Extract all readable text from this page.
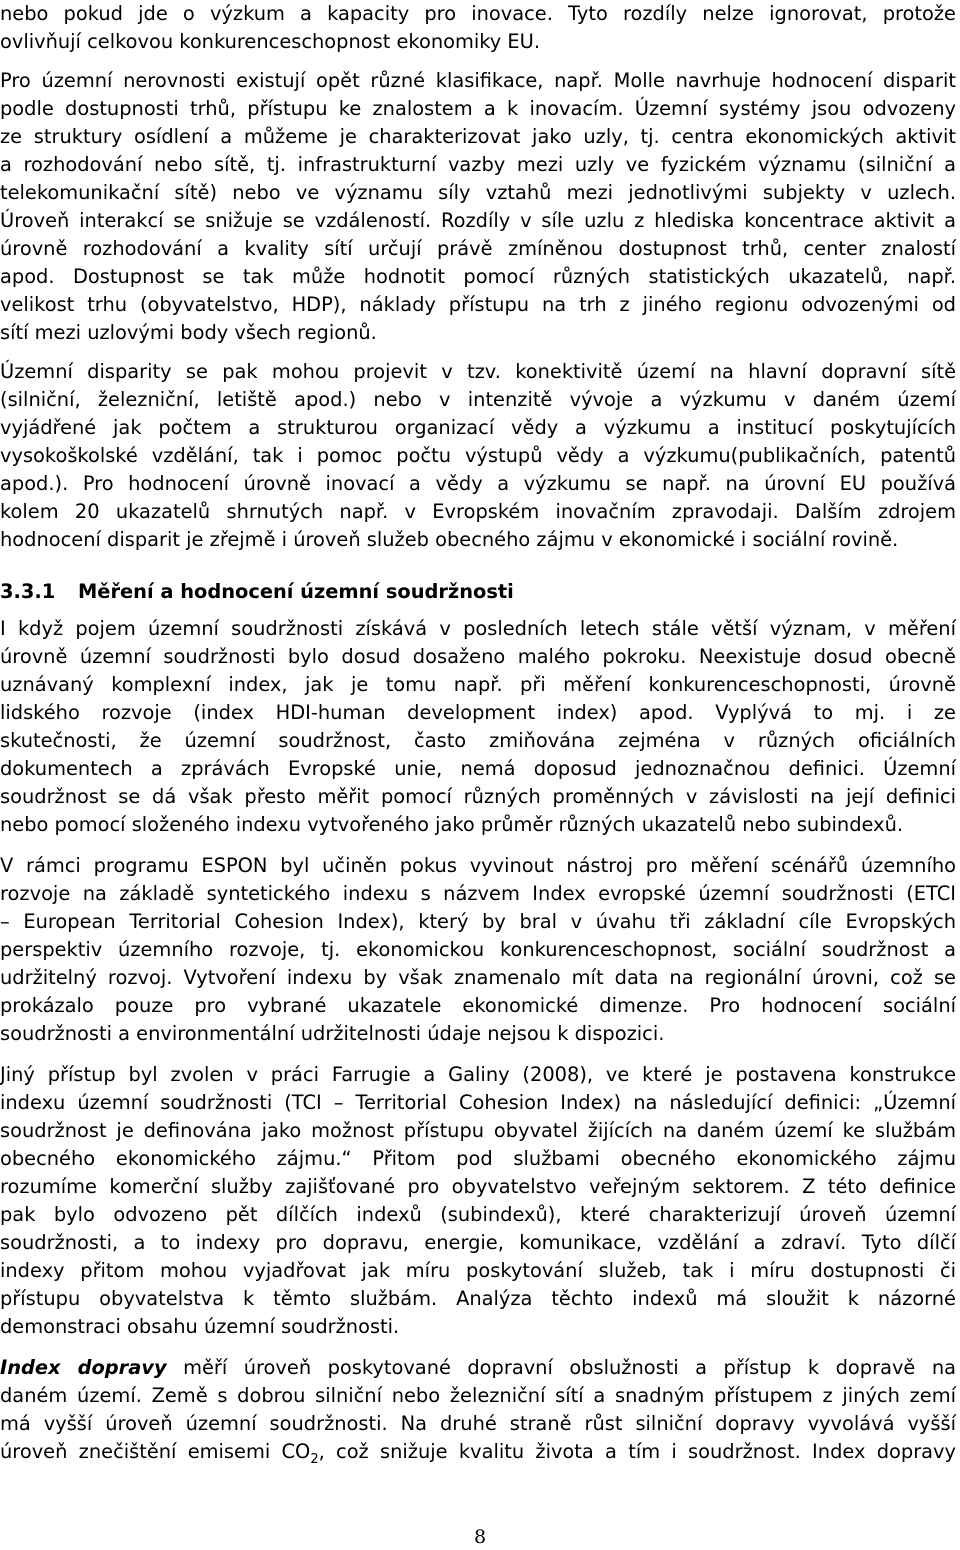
nebo pokud jde o výzkum a kapacity pro inovace. Tyto rozdíly nelze ignorovat, protože
ovlivňují celkovou konkurenceschopnost ekonomiky EU.
Pro územní nerovnosti existují opět různé klasifikace, např. Molle navrhuje hodnocení disparit
podle dostupnosti trhů, přístupu ke znalostem a k inovacím. Územní systémy jsou odvozeny
ze struktury osídlení a můžeme je charakterizovat jako uzly, tj. centra ekonomických aktivit
a rozhodování nebo sítě, tj. infrastrukturní vazby mezi uzly ve fyzickém významu (silniční a
telekomunikační sítě) nebo ve významu síly vztahů mezi jednotlivými subjekty v uzlech.
Úroveň interakcí se snižuje se vzdáleností. Rozdíly v síle uzlu z hlediska koncentrace aktivit a
úrovně rozhodování a kvality sítí určují právě zmíněnou dostupnost trhů, center znalostí
apod. Dostupnost se tak může hodnotit pomocí různých statistických ukazatelů, např.
velikost trhu (obyvatelstvo, HDP), náklady přístupu na trh z jiného regionu odvozenými od
sítí mezi uzlovými body všech regionů.
Územní disparity se pak mohou projevit v tzv. konektivitě území na hlavní dopravní sítě
(silniční, železniční, letiště apod.) nebo v intenzitě vývoje a výzkumu v daném území
vyjádřené jak počtem a strukturou organizací vědy a výzkumu a institucí poskytujících
vysokoškolské vzdělání, tak i pomoc počtu výstupů vědy a výzkumu(publikačních, patentů
apod.). Pro hodnocení úrovně inovací a vědy a výzkumu se např. na úrovní EU používá
kolem 20 ukazatelů shrnutých např. v Evropském inovačním zpravodaji. Dalším zdrojem
hodnocení disparit je zřejmě i úroveň služeb obecného zájmu v ekonomické i sociální rovině.
3.3.1 Měření a hodnocení územní soudržnosti
I když pojem územní soudržnosti získává v posledních letech stále větší význam, v měření
úrovně územní soudržnosti bylo dosud dosaženo malého pokroku. Neexistuje dosud obecně
uznávaný komplexní index, jak je tomu např. při měření konkurenceschopnosti, úrovně
lidského rozvoje (index HDI-human development index) apod. Vyplývá to mj. i ze
skutečnosti, že územní soudržnost, často zmiňována zejména v různých oficiálních
dokumentech a zprávách Evropské unie, nemá doposud jednoznačnou definici. Územní
soudržnost se dá však přesto měřit pomocí různých proměnných v závislosti na její definici
nebo pomocí složeného indexu vytvořeného jako průměr různých ukazatelů nebo subindexů.
V rámci programu ESPON byl učiněn pokus vyvinout nástroj pro měření scénářů územního
rozvoje na základě syntetického indexu s názvem Index evropské územní soudržnosti (ETCI
– European Territorial Cohesion Index), který by bral v úvahu tři základní cíle Evropských
perspektiv územního rozvoje, tj. ekonomickou konkurenceschopnost, sociální soudržnost a
udržitelný rozvoj. Vytvoření indexu by však znamenalo mít data na regionální úrovni, což se
prokázalo pouze pro vybrané ukazatele ekonomické dimenze. Pro hodnocení sociální
soudržnosti a environmentální udržitelnosti údaje nejsou k dispozici.
Jiný přístup byl zvolen v práci Farrugie a Galiny (2008), ve které je postavena konstrukce
indexu územní soudržnosti (TCI – Territorial Cohesion Index) na následující definici: „Územní
soudržnost je definována jako možnost přístupu obyvatel žijících na daném území ke službám
obecného ekonomického zájmu.“ Přitom pod službami obecného ekonomického zájmu
rozumíme komerční služby zajišťované pro obyvatelstvo veřejným sektorem. Z této definice
pak bylo odvozeno pět dílčích indexů (subindexů), které charakterizují úroveň územní
soudržnosti, a to indexy pro dopravu, energie, komunikace, vzdělání a zdraví. Tyto dílčí
indexy přitom mohou vyjadřovat jak míru poskytování služeb, tak i míru dostupnosti či
přístupu obyvatelstva k těmto službám. Analýza těchto indexů má sloužit k názorné
demonstraci obsahu územní soudržnosti.
Index dopravy měří úroveň poskytované dopravní obslužnosti a přístup k dopravě na
daném území. Země s dobrou silniční nebo železniční sítí a snadným přístupem z jiných zemí
má vyšší úroveň územní soudržnosti. Na druhé straně růst silniční dopravy vyvolává vyšší
úroveň znečištění emisemi $CO_2$, což snižuje kvalitu života a tím i soudržnost. Index dopravy
8
